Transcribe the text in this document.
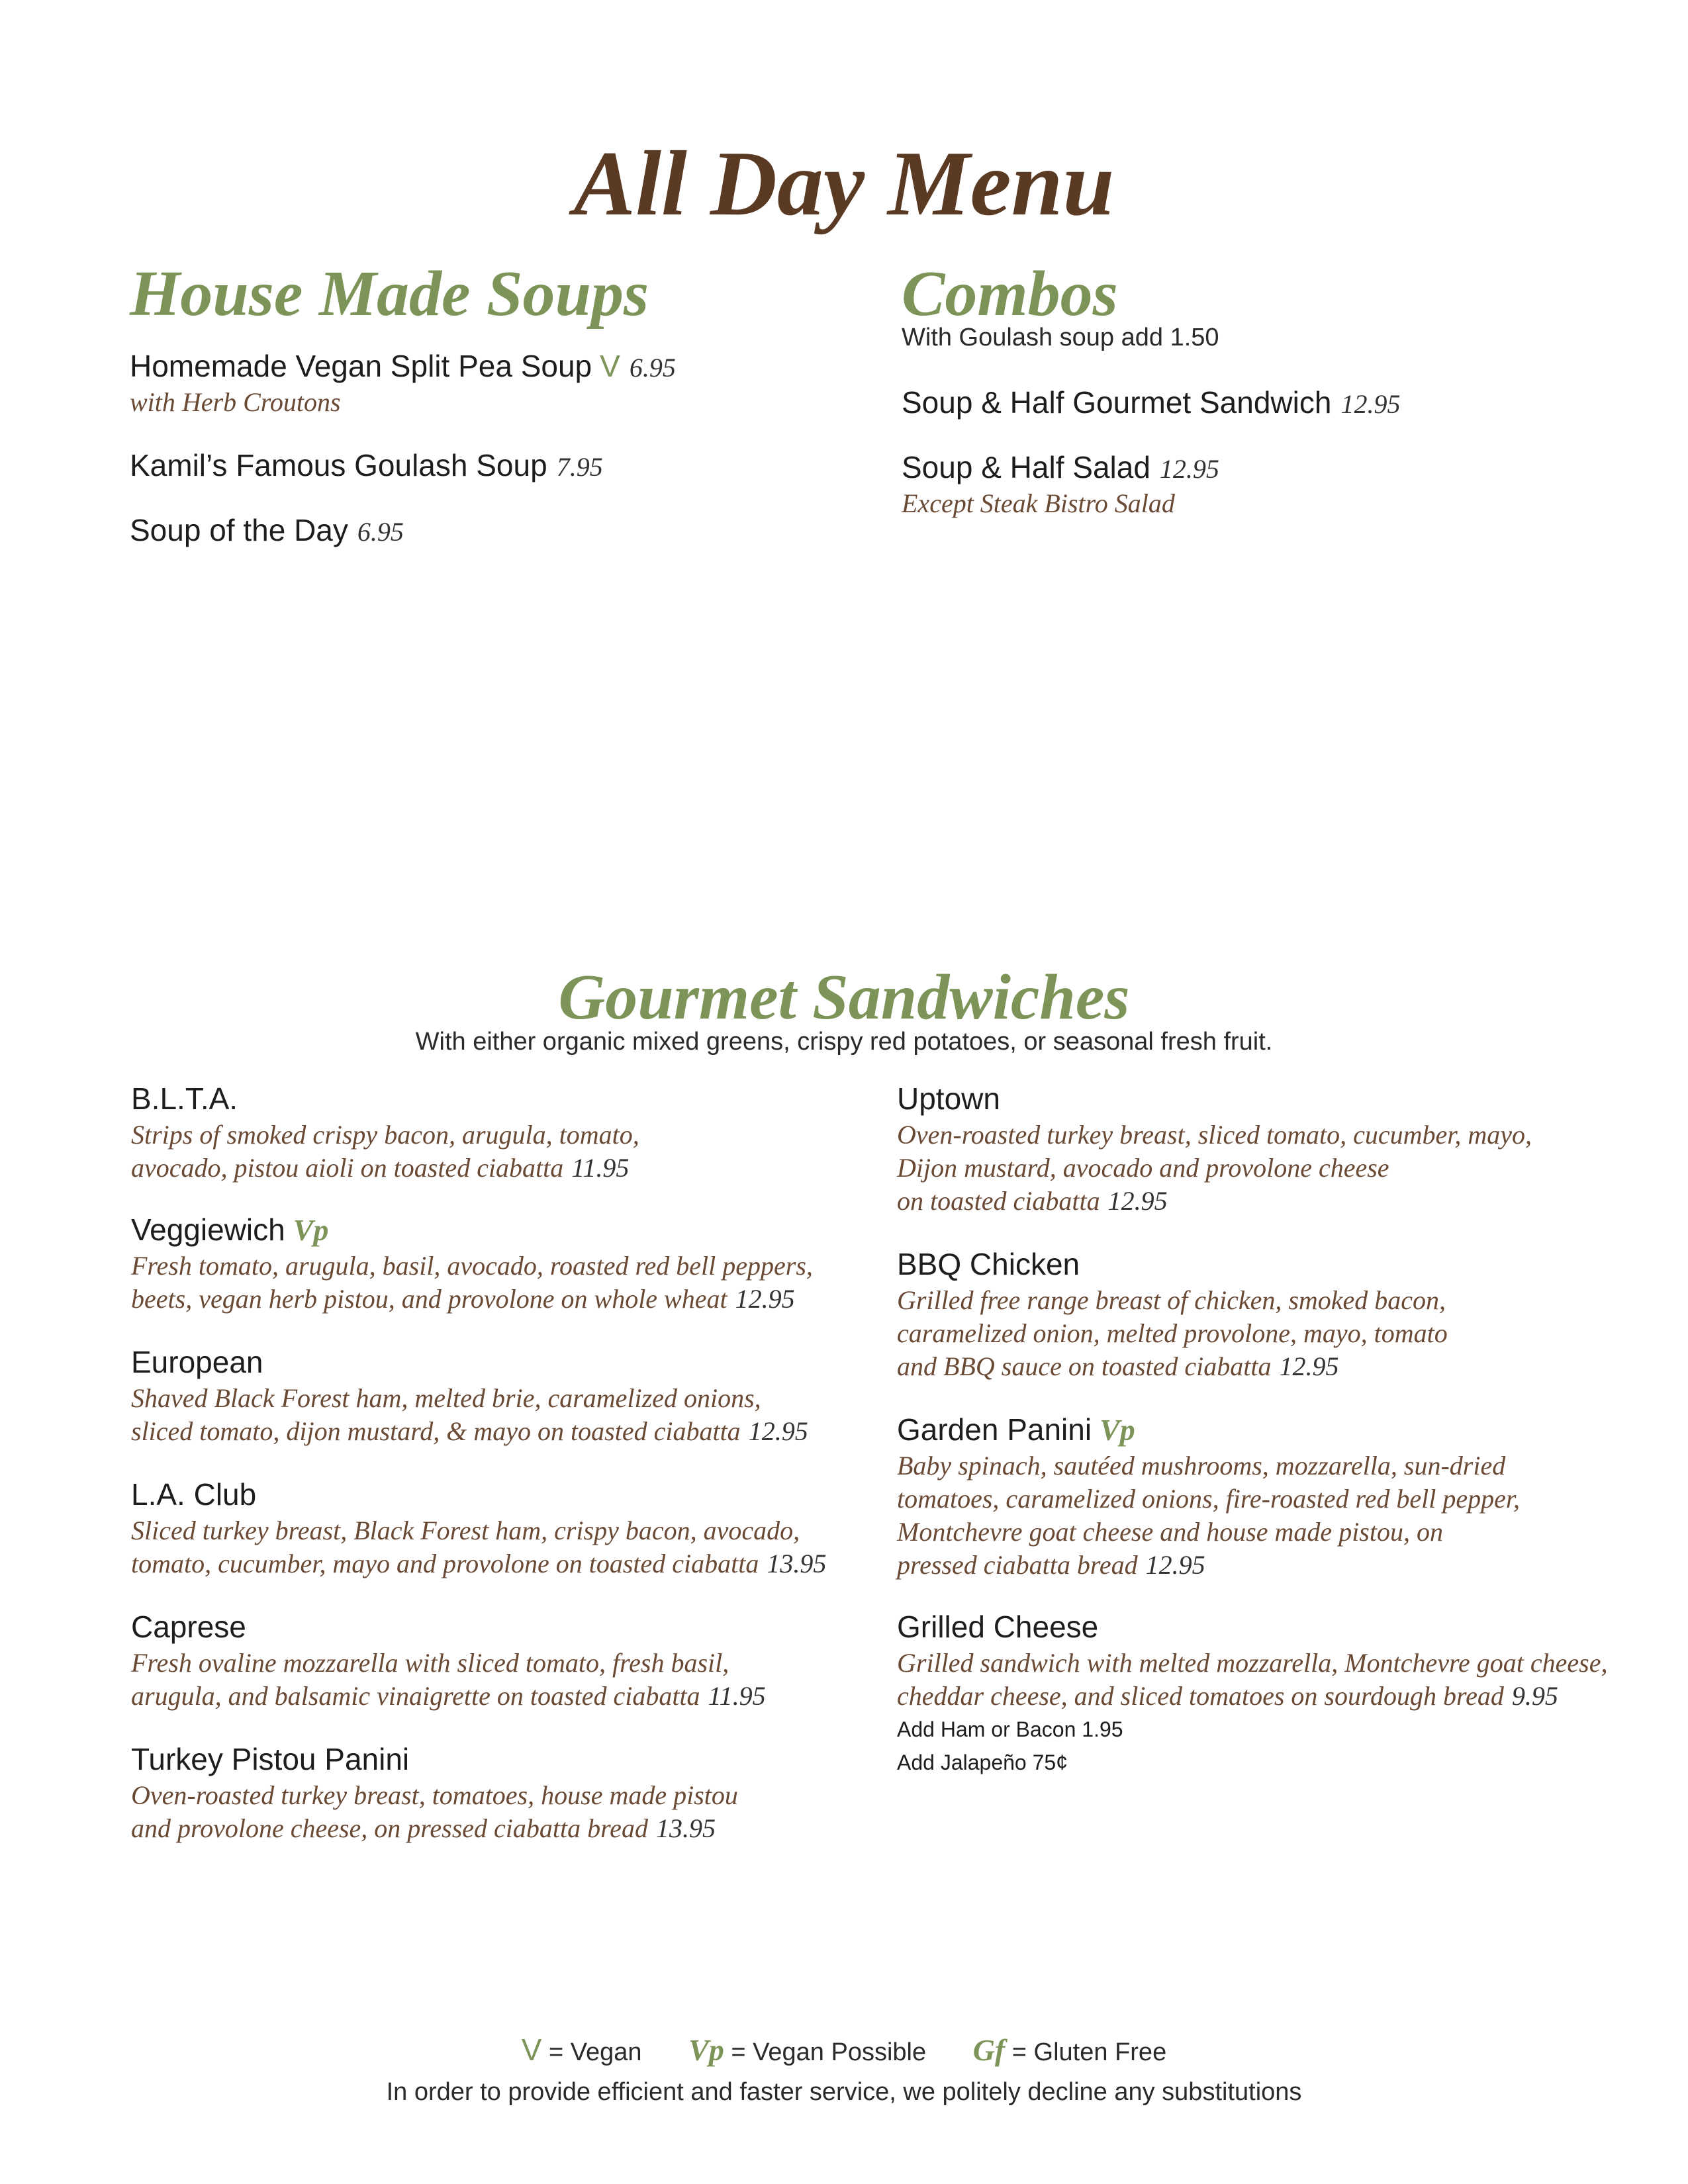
All Day Menu
House Made Soups
Homemade Vegan Split Pea Soup V 6.95
with Herb Croutons
Kamil’s Famous Goulash Soup 7.95
Soup of the Day 6.95
Combos
With Goulash soup add 1.50
Soup & Half Gourmet Sandwich 12.95
Soup & Half Salad 12.95
Except Steak Bistro Salad
Gourmet Sandwiches
With either organic mixed greens, crispy red potatoes, or seasonal fresh fruit.
B.L.T.A.
Strips of smoked crispy bacon, arugula, tomato,
avocado, pistou aioli on toasted ciabatta 11.95
Veggiewich Vp
Fresh tomato, arugula, basil, avocado, roasted red bell peppers,
beets, vegan herb pistou, and provolone on whole wheat 12.95
European
Shaved Black Forest ham, melted brie, caramelized onions,
sliced tomato, dijon mustard, & mayo on toasted ciabatta 12.95
L.A. Club
Sliced turkey breast, Black Forest ham, crispy bacon, avocado,
tomato, cucumber, mayo and provolone on toasted ciabatta 13.95
Caprese
Fresh ovaline mozzarella with sliced tomato, fresh basil,
arugula, and balsamic vinaigrette on toasted ciabatta 11.95
Turkey Pistou Panini
Oven-roasted turkey breast, tomatoes, house made pistou
and provolone cheese, on pressed ciabatta bread 13.95
Uptown
Oven-roasted turkey breast, sliced tomato, cucumber, mayo,
Dijon mustard, avocado and provolone cheese
on toasted ciabatta 12.95
BBQ Chicken
Grilled free range breast of chicken, smoked bacon,
caramelized onion, melted provolone, mayo, tomato
and BBQ sauce on toasted ciabatta 12.95
Garden Panini Vp
Baby spinach, sautéed mushrooms, mozzarella, sun-dried
tomatoes, caramelized onions, fire-roasted red bell pepper,
Montchevre goat cheese and house made pistou, on
pressed ciabatta bread 12.95
Grilled Cheese
Grilled sandwich with melted mozzarella, Montchevre goat cheese,
cheddar cheese, and sliced tomatoes on sourdough bread 9.95
Add Ham or Bacon 1.95
Add Jalapeño 75¢
V = Vegan Vp = Vegan Possible Gf = Gluten Free
In order to provide efficient and faster service, we politely decline any substitutions
